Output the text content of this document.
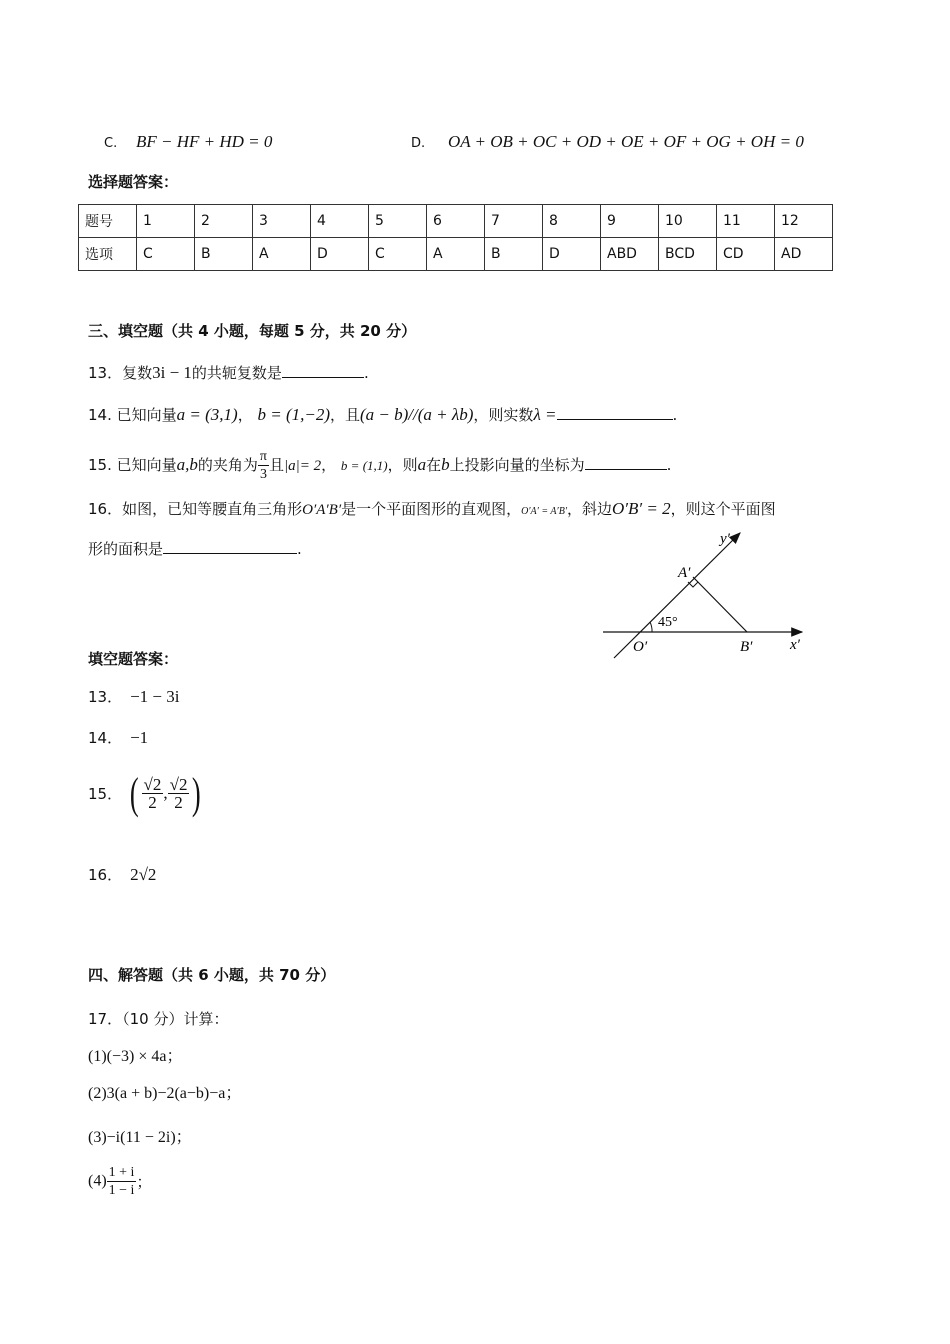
C. BF − HF + HD = 0	D. OA + OB + OC + OD + OE + OF + OG + OH = 0
选择题答案：
题号	1	2	3	4	5	6	7	8	9	10	11	12
选项	C	B	A	D	C	A	B	D	ABD	BCD	CD	AD
三、填空题（共 4 小题，每题 5 分，共 20 分）
13．复数3i − 1的共轭复数是	.
14. 已知向量a = (3,1)， b = (1,−2)，且(a − b)//(a + λb)，则实数λ =	.
15. 已知向量a,b的夹角为 $\frac{\pi}{3}$ 且|a|= 2， b = (1,1)，则a在b上投影向量的坐标为	.
16．如图，已知等腰直角三角形O′A′B′是一个平面图形的直观图，O′A′ = A′B′，斜边O′B′ = 2，则这个平面图
形的面积是	.
y′
x′
A′
O′	B′
45°
填空题答案：
13． −1 − 3i
14． −1
15． ( $\frac{√2}{2}$ , $\frac{√2}{2}$ )
16． 2√2
四、解答题（共 6 小题，共 70 分）
17．（10 分）计算：
(1)(−3) × 4a；
(2)3(a + b)−2(a−b)−a；
(3)−i(11 − 2i)；
$(4) \frac{1 + i}{1 - i}$ ；
